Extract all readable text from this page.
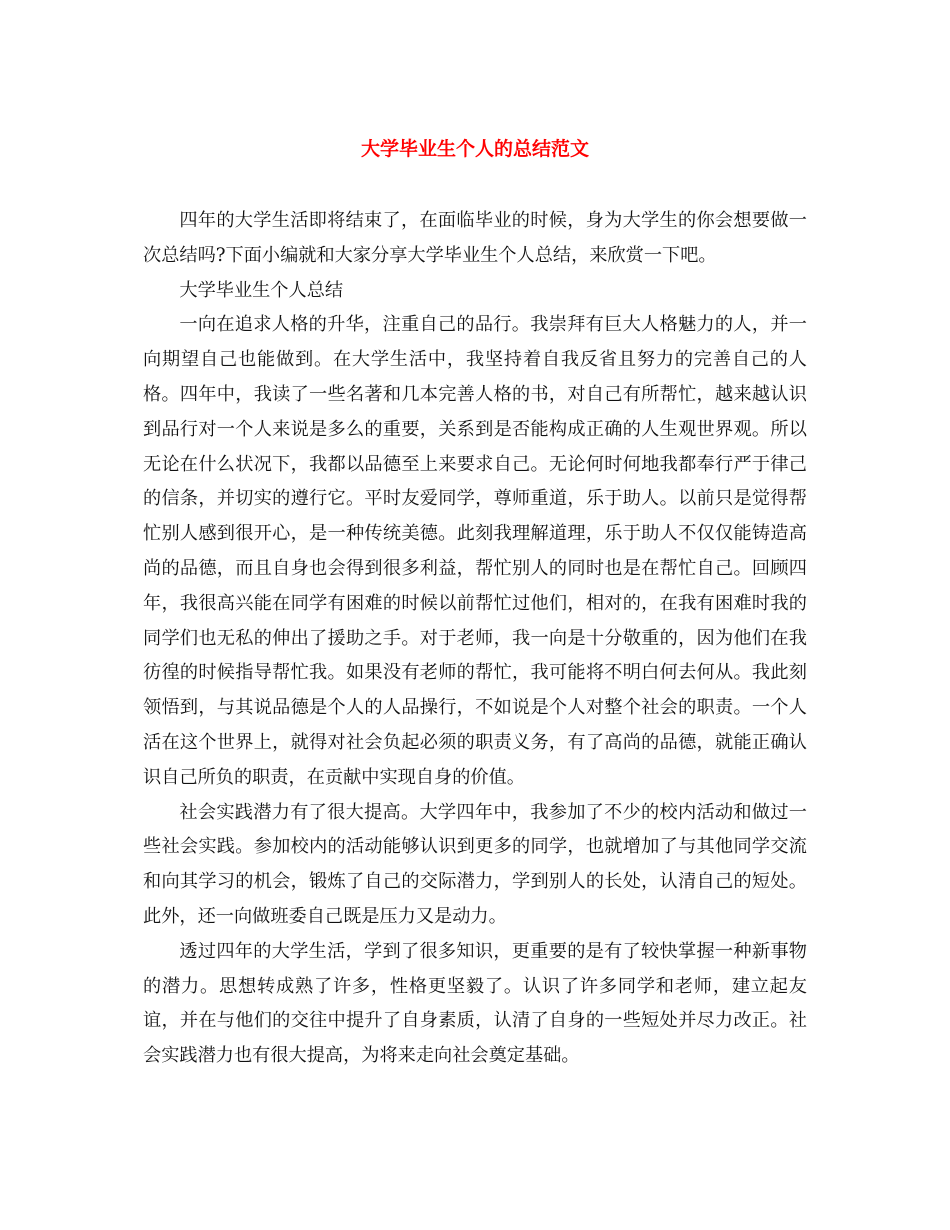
大学毕业生个人的总结范文

四年的大学生活即将结束了，在面临毕业的时候，身为大学生的你会想要做一次总结吗?下面小编就和大家分享大学毕业生个人总结，来欣赏一下吧。

大学毕业生个人总结

一向在追求人格的升华，注重自己的品行。我崇拜有巨大人格魅力的人，并一向期望自己也能做到。在大学生活中，我坚持着自我反省且努力的完善自己的人格。四年中，我读了一些名著和几本完善人格的书，对自己有所帮忙，越来越认识到品行对一个人来说是多么的重要，关系到是否能构成正确的人生观世界观。所以无论在什么状况下，我都以品德至上来要求自己。无论何时何地我都奉行严于律己的信条，并切实的遵行它。平时友爱同学，尊师重道，乐于助人。以前只是觉得帮忙别人感到很开心，是一种传统美德。此刻我理解道理，乐于助人不仅仅能铸造高尚的品德，而且自身也会得到很多利益，帮忙别人的同时也是在帮忙自己。回顾四年，我很高兴能在同学有困难的时候以前帮忙过他们，相对的，在我有困难时我的同学们也无私的伸出了援助之手。对于老师，我一向是十分敬重的，因为他们在我彷徨的时候指导帮忙我。如果没有老师的帮忙，我可能将不明白何去何从。我此刻领悟到，与其说品德是个人的人品操行，不如说是个人对整个社会的职责。一个人活在这个世界上，就得对社会负起必须的职责义务，有了高尚的品德，就能正确认识自己所负的职责，在贡献中实现自身的价值。

社会实践潜力有了很大提高。大学四年中，我参加了不少的校内活动和做过一些社会实践。参加校内的活动能够认识到更多的同学，也就增加了与其他同学交流和向其学习的机会，锻炼了自己的交际潜力，学到别人的长处，认清自己的短处。此外，还一向做班委自己既是压力又是动力。

透过四年的大学生活，学到了很多知识，更重要的是有了较快掌握一种新事物的潜力。思想转成熟了许多，性格更坚毅了。认识了许多同学和老师，建立起友谊，并在与他们的交往中提升了自身素质，认清了自身的一些短处并尽力改正。社会实践潜力也有很大提高，为将来走向社会奠定基础。
